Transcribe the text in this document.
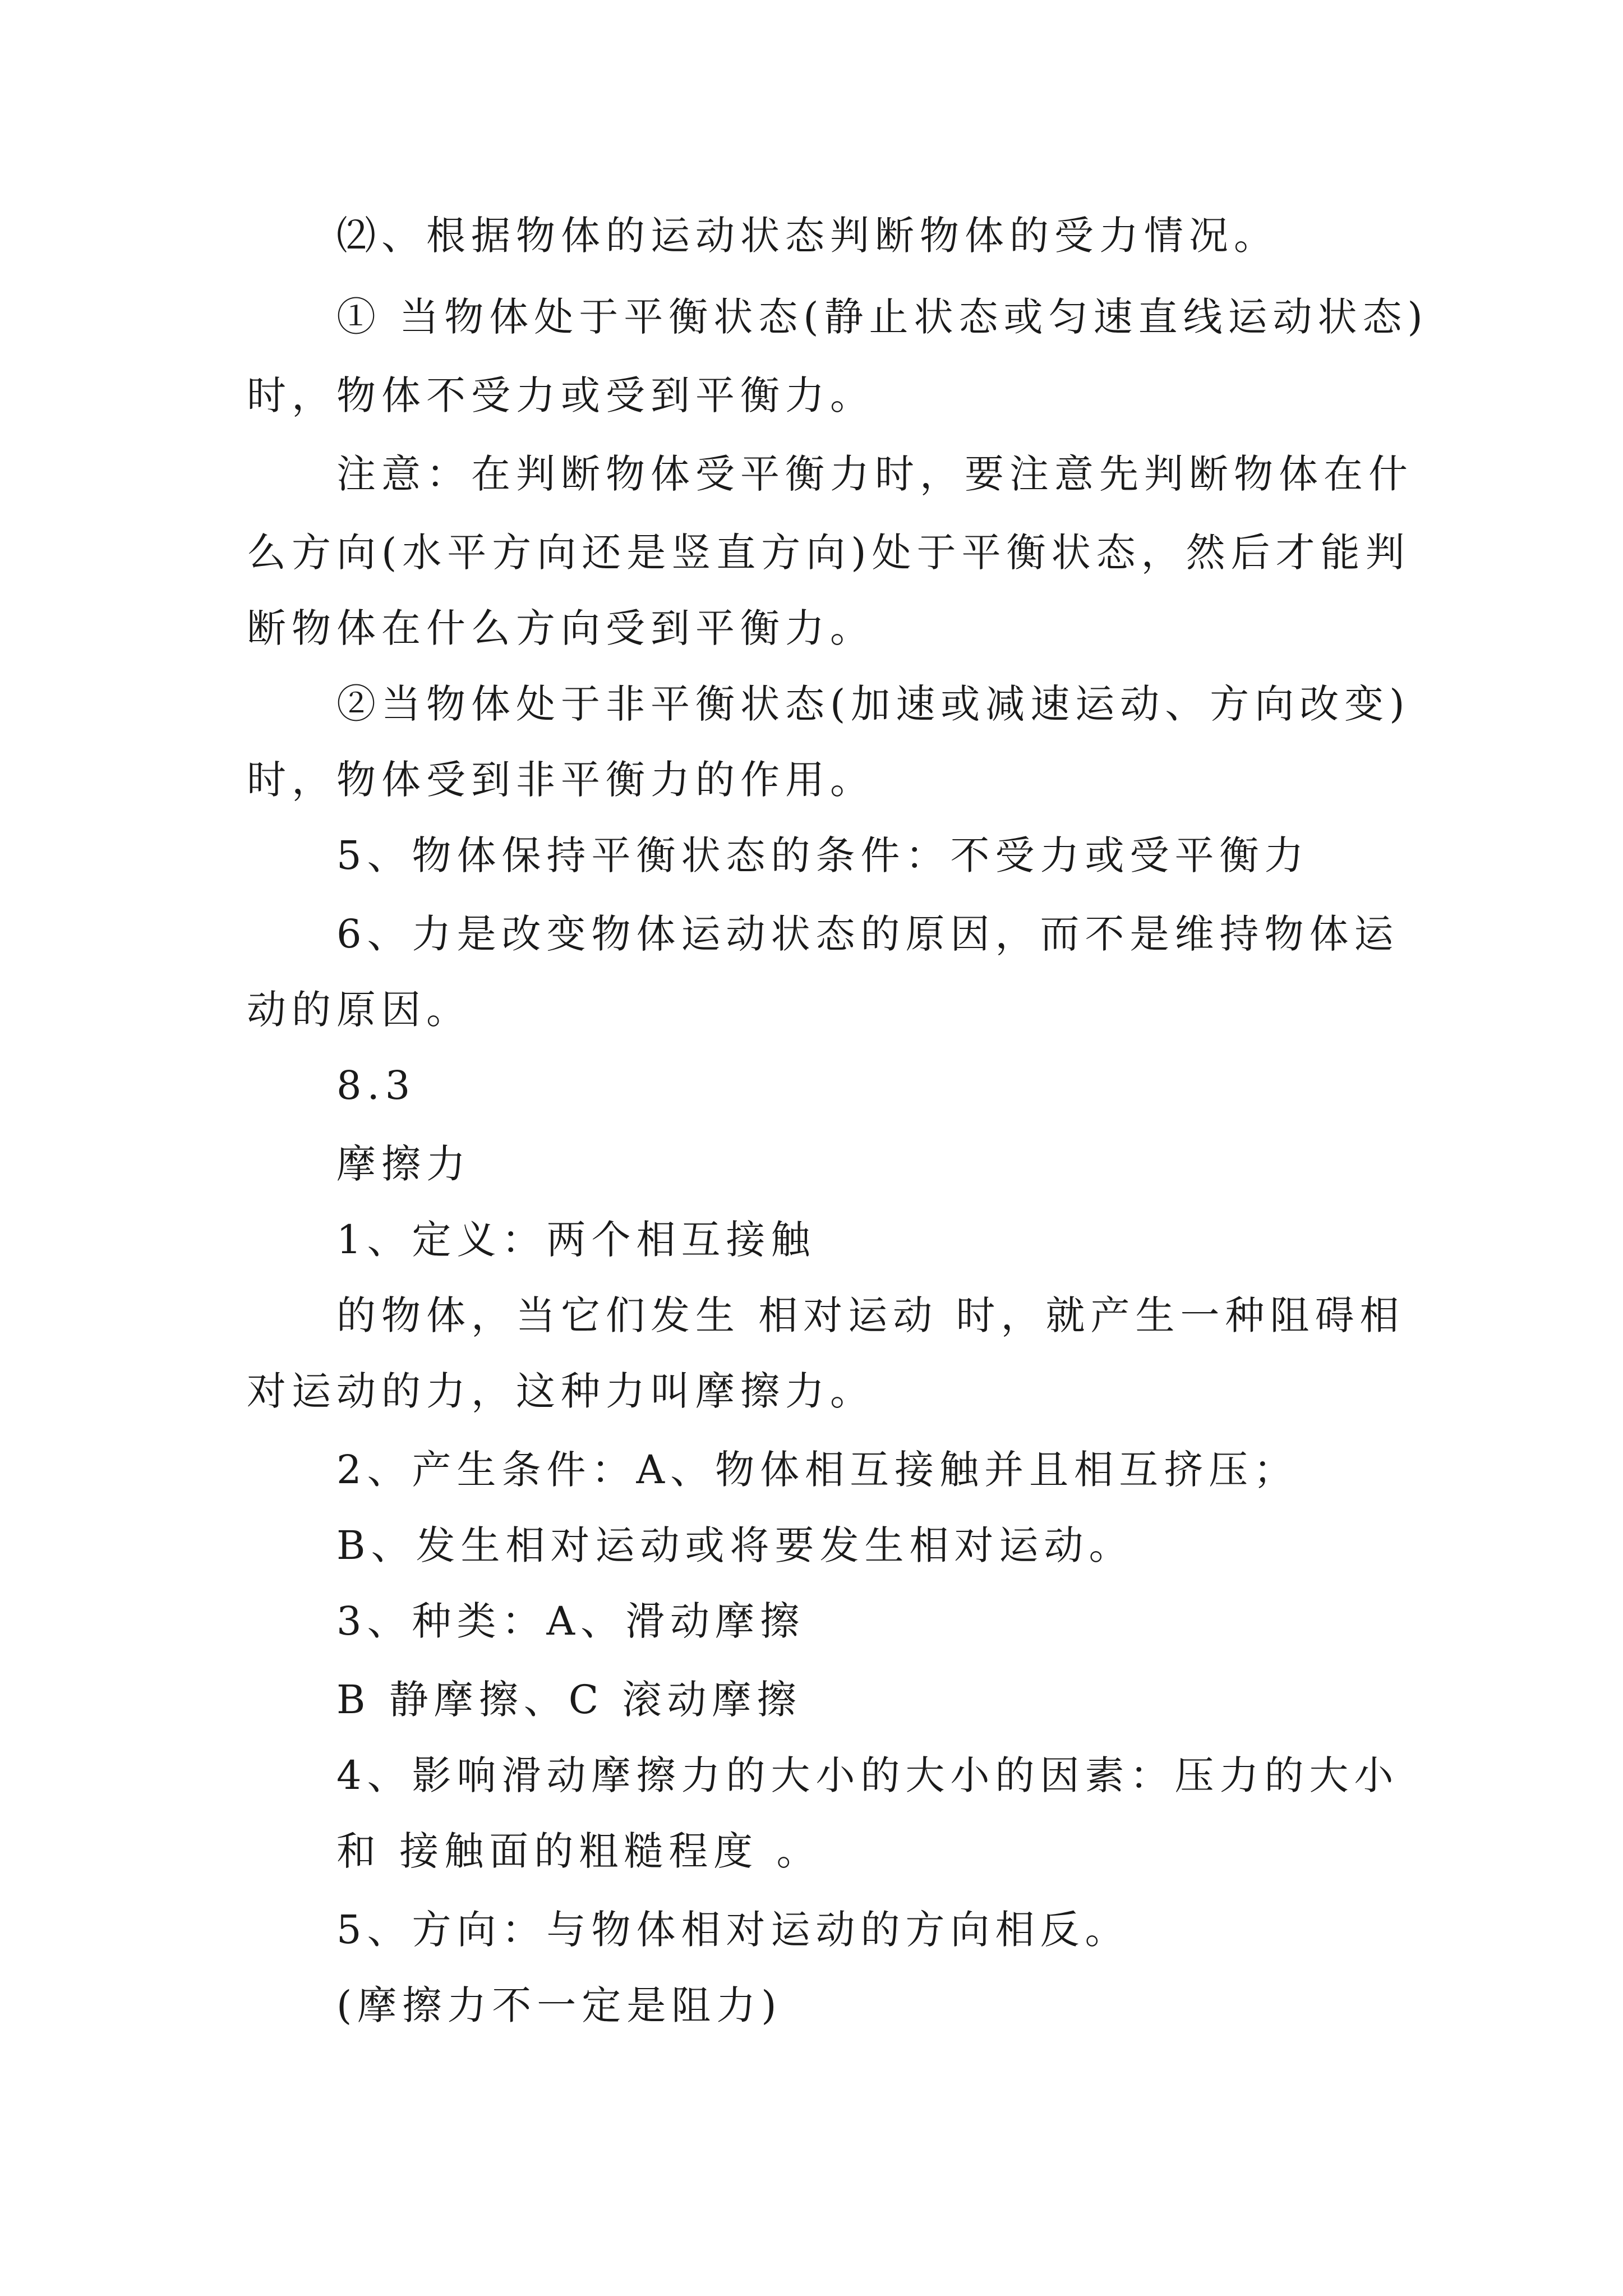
⑵、根据物体的运动状态判断物体的受力情况。
① 当物体处于平衡状态(静止状态或匀速直线运动状态)
时，物体不受力或受到平衡力。
注意：在判断物体受平衡力时，要注意先判断物体在什
么方向(水平方向还是竖直方向)处于平衡状态，然后才能判
断物体在什么方向受到平衡力。
②当物体处于非平衡状态(加速或减速运动、方向改变)
时，物体受到非平衡力的作用。
5、物体保持平衡状态的条件：不受力或受平衡力
6、力是改变物体运动状态的原因，而不是维持物体运
动的原因。
8.3
摩擦力
1、定义：两个相互接触
的物体，当它们发生 相对运动 时，就产生一种阻碍相
对运动的力，这种力叫摩擦力。
2、产生条件：A、物体相互接触并且相互挤压；
B、发生相对运动或将要发生相对运动。
3、种类：A、滑动摩擦
B 静摩擦、C 滚动摩擦
4、影响滑动摩擦力的大小的大小的因素：压力的大小
和 接触面的粗糙程度 。
5、方向：与物体相对运动的方向相反。
(摩擦力不一定是阻力)
